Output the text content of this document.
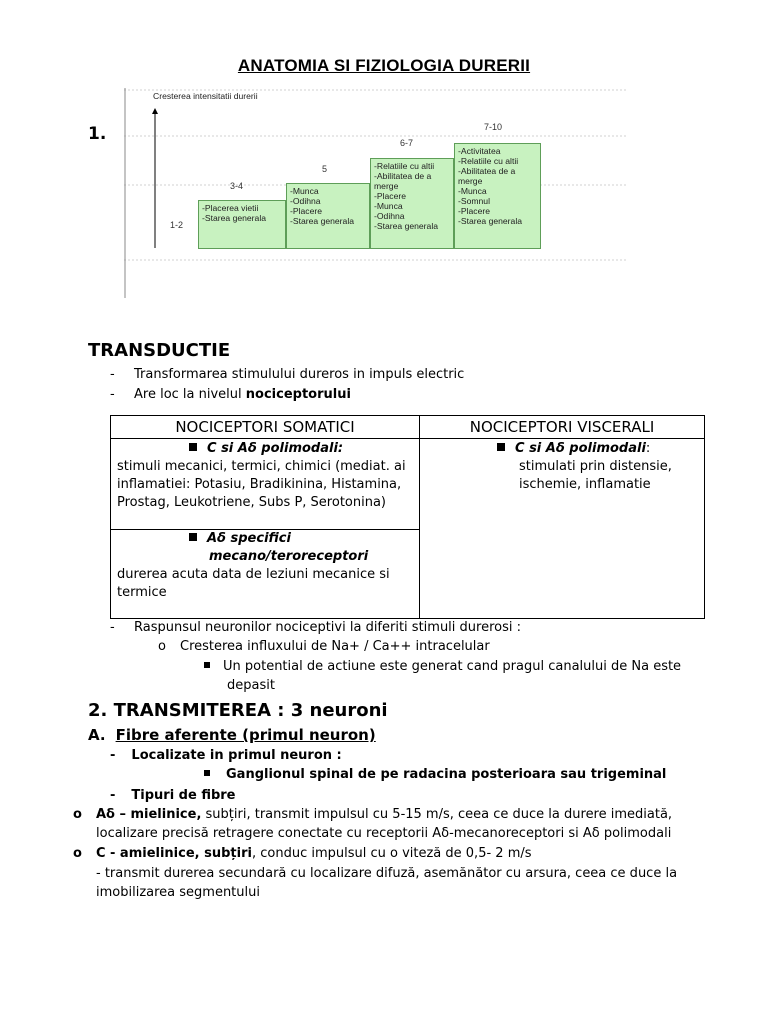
ANATOMIA SI FIZIOLOGIA DURERII
1.
Cresterea intensitatii durerii
1-2
3-4
-Placerea vietii
-Starea generala
5
-Munca
-Odihna
-Placere
-Starea generala
6-7
-Relatiile cu altii
-Abilitatea de a merge
-Placere
-Munca
-Odihna
-Starea generala
7-10
-Activitatea
-Relatiile cu altii
-Abilitatea de a merge
-Munca
-Somnul
-Placere
-Starea generala
TRANSDUCTIE
- Transformarea stimulului dureros in impuls electric
- Are loc la nivelul nociceptorului
NOCICEPTORI SOMATICI	NOCICEPTORI VISCERALI
C si Aδ polimodali:
stimuli mecanici, termici, chimici (mediat. ai inflamatiei: Potasiu, Bradikinina, Histamina, Prostag, Leukotriene, Subs P, Serotonina)
Aδ specifici mecano/teroreceptori
durerea acuta data de leziuni mecanice si termice
C si Aδ polimodali: stimulati prin distensie, ischemie, inflamatie
- Raspunsul neuronilor nociceptivi la diferiti stimuli durerosi :
o Cresterea influxului de Na+ / Ca++ intracelular
Un potential de actiune este generat cand pragul canalului de Na este
depasit
2. TRANSMITEREA : 3 neuroni
A. Fibre aferente (primul neuron)
- Localizate in primul neuron :
Ganglionul spinal de pe radacina posterioara sau trigeminal
- Tipuri de fibre
o Aδ – mielinice, subțiri, transmit impulsul cu 5-15 m/s, ceea ce duce la durere imediată,
localizare precisă retragere conectate cu receptorii Aδ-mecanoreceptori si Aδ polimodali
o C - amielinice, subțiri, conduc impulsul cu o viteză de 0,5- 2 m/s
- transmit durerea secundară cu localizare difuză, asemănător cu arsura, ceea ce duce la
imobilizarea segmentului
